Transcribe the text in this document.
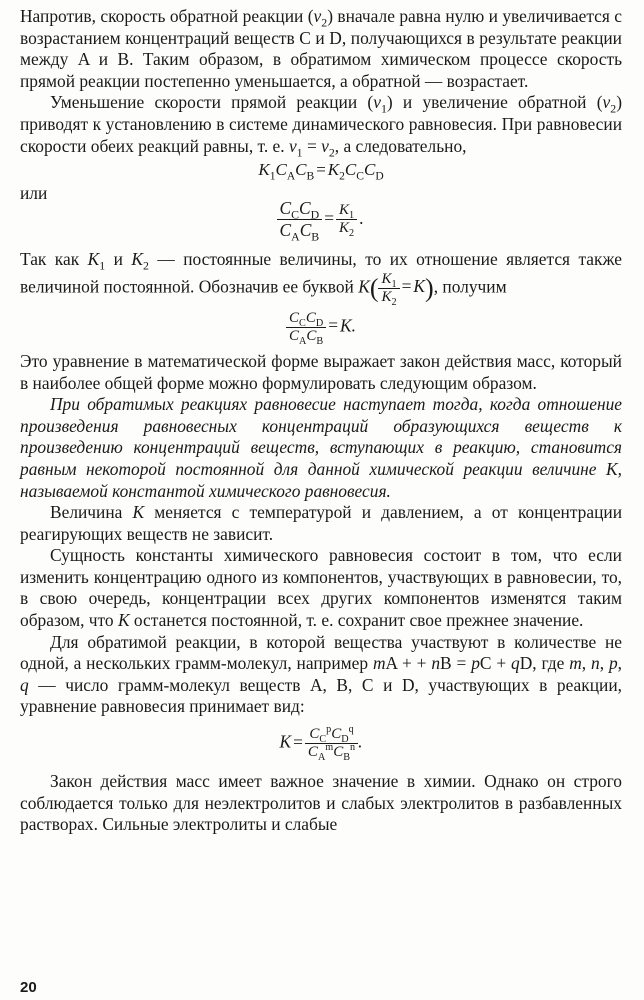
Напротив, скорость обратной реакции $(v_2)$ вначале равна нулю и увеличивается с возрастанием концентраций веществ C и D, получающихся в результате реакции между A и B. Таким образом, в обратимом химическом процессе скорость прямой реакции постепенно уменьшается, а обратной — возрастает.

Уменьшение скорости прямой реакции $(v_1)$ и увеличение обратной $(v_2)$ приводят к установлению в системе динамического равновесия. При равновесии скорости обеих реакций равны, т. е. $v_1 = v_2$, а следовательно,

$K_1C_AC_B = K_2C_CC_D$

или

$\frac{C_CC_D}{C_AC_B} = \frac{K_1}{K_2}$ .

Так как $K_1$ и $K_2$ — постоянные величины, то их отношение является также величиной постоянной. Обозначив ее буквой $K( \frac{K_1}{K_2} = K)$, получим

$\frac{C_CC_D}{C_AC_B} = K$.

Это уравнение в математической форме выражает закон действия масс, который в наиболее общей форме можно формулировать следующим образом.

При обратимых реакциях равновесие наступает тогда, когда отношение произведения равновесных концентраций образующихся веществ к произведению концентраций веществ, вступающих в реакцию, становится равным некоторой постоянной для данной химической реакции величине K, называемой константой химического равновесия.

Величина K меняется с температурой и давлением, а от концентрации реагирующих веществ не зависит.

Сущность константы химического равновесия состоит в том, что если изменить концентрацию одного из компонентов, участвующих в равновесии, то, в свою очередь, концентрации всех других компонентов изменятся таким образом, что K останется постоянной, т. е. сохранит свое прежнее значение.

Для обратимой реакции, в которой вещества участвуют в количестве не одной, а нескольких грамм-молекул, например mA + + nB = pC + qD, где m, n, p, q — число грамм-молекул веществ A, B, C и D, участвующих в реакции, уравнение равновесия принимает вид:

$K = \frac{C_C^pC_D^q}{C_A^mC_B^n}$ .

Закон действия масс имеет важное значение в химии. Однако он строго соблюдается только для неэлектролитов и слабых электролитов в разбавленных растворах. Сильные электролиты и слабые

20
